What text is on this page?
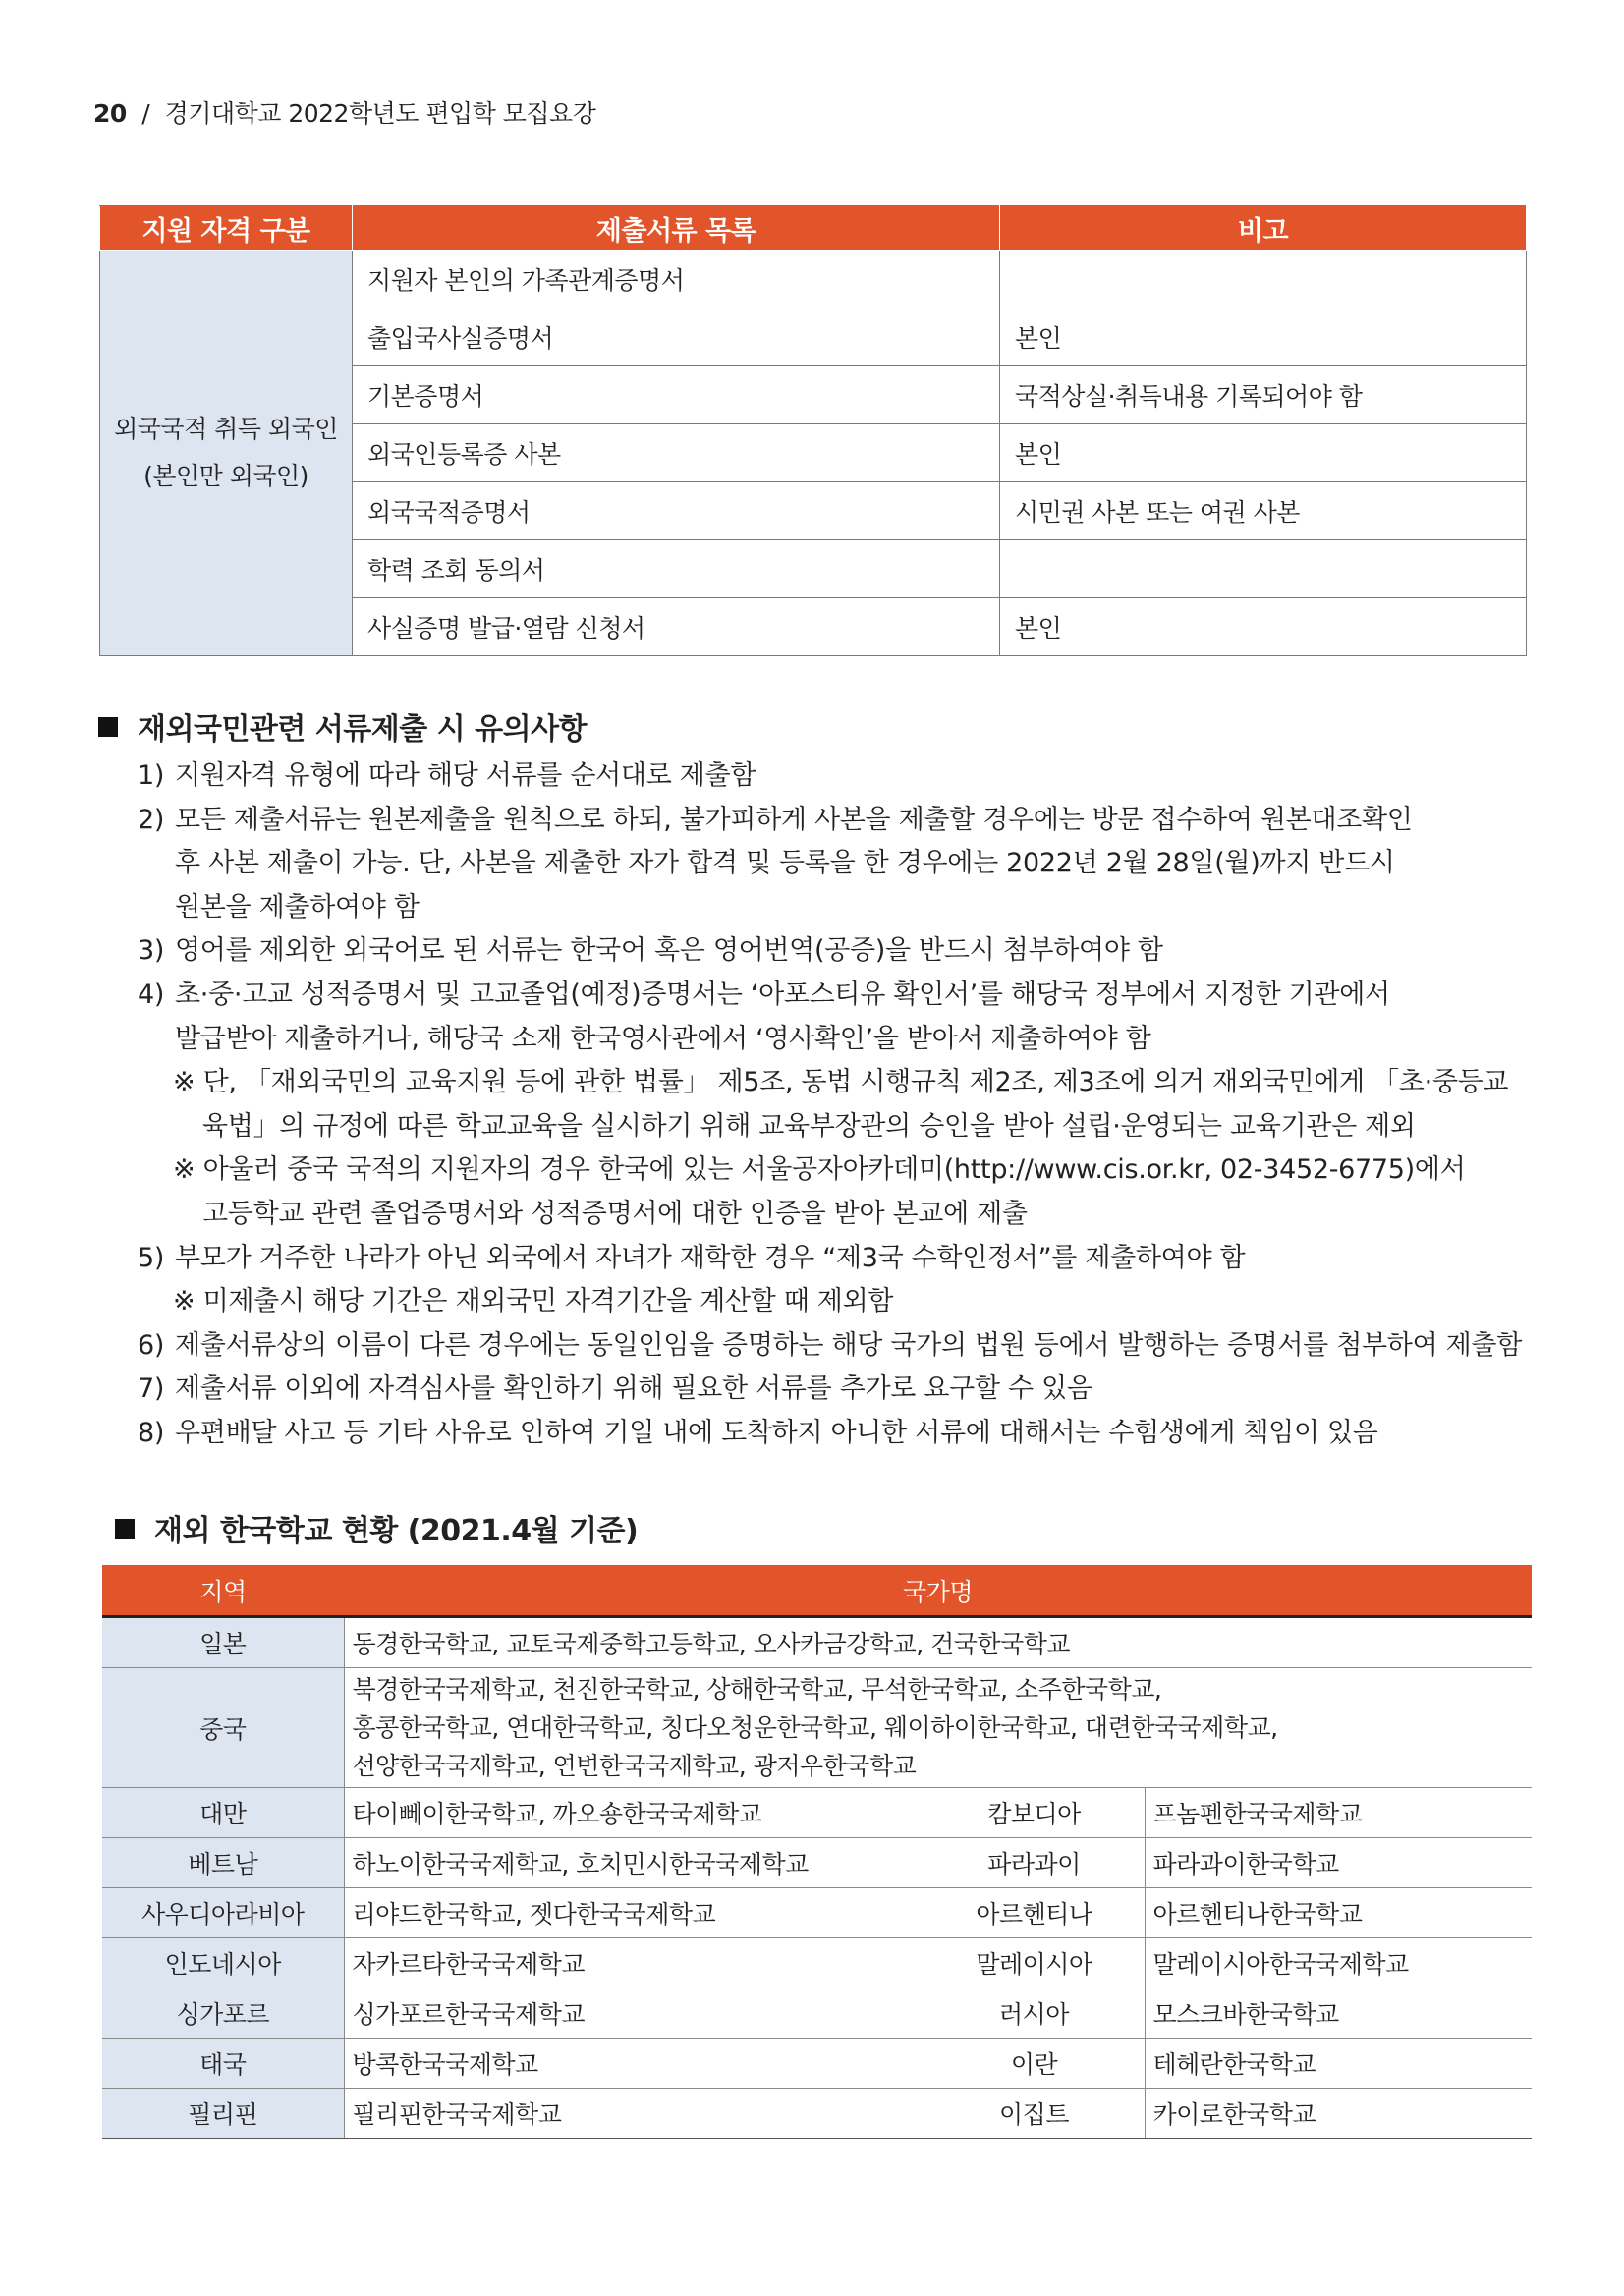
20 / 경기대학교 2022학년도 편입학 모집요강
지원 자격 구분	제출서류 목록	비고

외국국적 취득 외국인
(본인만 외국인)	지원자 본인의 가족관계증명서	
	출입국사실증명서	본인
	기본증명서	국적상실·취득내용 기록되어야 함
	외국인등록증 사본	본인
	외국국적증명서	시민권 사본 또는 여권 사본
	학력 조회 동의서	
	사실증명 발급·열람 신청서	본인
재외국민관련 서류제출 시 유의사항
1) 지원자격 유형에 따라 해당 서류를 순서대로 제출함
2) 모든 제출서류는 원본제출을 원칙으로 하되, 불가피하게 사본을 제출할 경우에는 방문 접수하여 원본대조확인
후 사본 제출이 가능. 단, 사본을 제출한 자가 합격 및 등록을 한 경우에는 2022년 2월 28일(월)까지 반드시
원본을 제출하여야 함
3) 영어를 제외한 외국어로 된 서류는 한국어 혹은 영어번역(공증)을 반드시 첨부하여야 함
4) 초·중·고교 성적증명서 및 고교졸업(예정)증명서는 ‘아포스티유 확인서’를 해당국 정부에서 지정한 기관에서
발급받아 제출하거나, 해당국 소재 한국영사관에서 ‘영사확인’을 받아서 제출하여야 함
※ 단, 「재외국민의 교육지원 등에 관한 법률」 제5조, 동법 시행규칙 제2조, 제3조에 의거 재외국민에게 「초·중등교
육법」의 규정에 따른 학교교육을 실시하기 위해 교육부장관의 승인을 받아 설립·운영되는 교육기관은 제외
※ 아울러 중국 국적의 지원자의 경우 한국에 있는 서울공자아카데미(http://www.cis.or.kr, 02-3452-6775)에서
고등학교 관련 졸업증명서와 성적증명서에 대한 인증을 받아 본교에 제출
5) 부모가 거주한 나라가 아닌 외국에서 자녀가 재학한 경우 “제3국 수학인정서”를 제출하여야 함
※ 미제출시 해당 기간은 재외국민 자격기간을 계산할 때 제외함
6) 제출서류상의 이름이 다른 경우에는 동일인임을 증명하는 해당 국가의 법원 등에서 발행하는 증명서를 첨부하여 제출함
7) 제출서류 이외에 자격심사를 확인하기 위해 필요한 서류를 추가로 요구할 수 있음
8) 우편배달 사고 등 기타 사유로 인하여 기일 내에 도착하지 아니한 서류에 대해서는 수험생에게 책임이 있음
재외 한국학교 현황 (2021.4월 기준)
지역	국가명		
일본	동경한국학교, 교토국제중학고등학교, 오사카금강학교, 건국한국학교		
중국	북경한국국제학교, 천진한국학교, 상해한국학교, 무석한국학교, 소주한국학교,
홍콩한국학교, 연대한국학교, 칭다오청운한국학교, 웨이하이한국학교, 대련한국국제학교,
선양한국국제학교, 연변한국국제학교, 광저우한국학교		

대만	타이뻬이한국학교, 까오숑한국국제학교	캄보디아	프놈펜한국국제학교
베트남	하노이한국국제학교, 호치민시한국국제학교	파라과이	파라과이한국학교
사우디아라비아	리야드한국학교, 젯다한국국제학교	아르헨티나	아르헨티나한국학교
인도네시아	자카르타한국국제학교	말레이시아	말레이시아한국국제학교
싱가포르	싱가포르한국국제학교	러시아	모스크바한국학교
태국	방콕한국국제학교	이란	테헤란한국학교
필리핀	필리핀한국국제학교	이집트	카이로한국학교
